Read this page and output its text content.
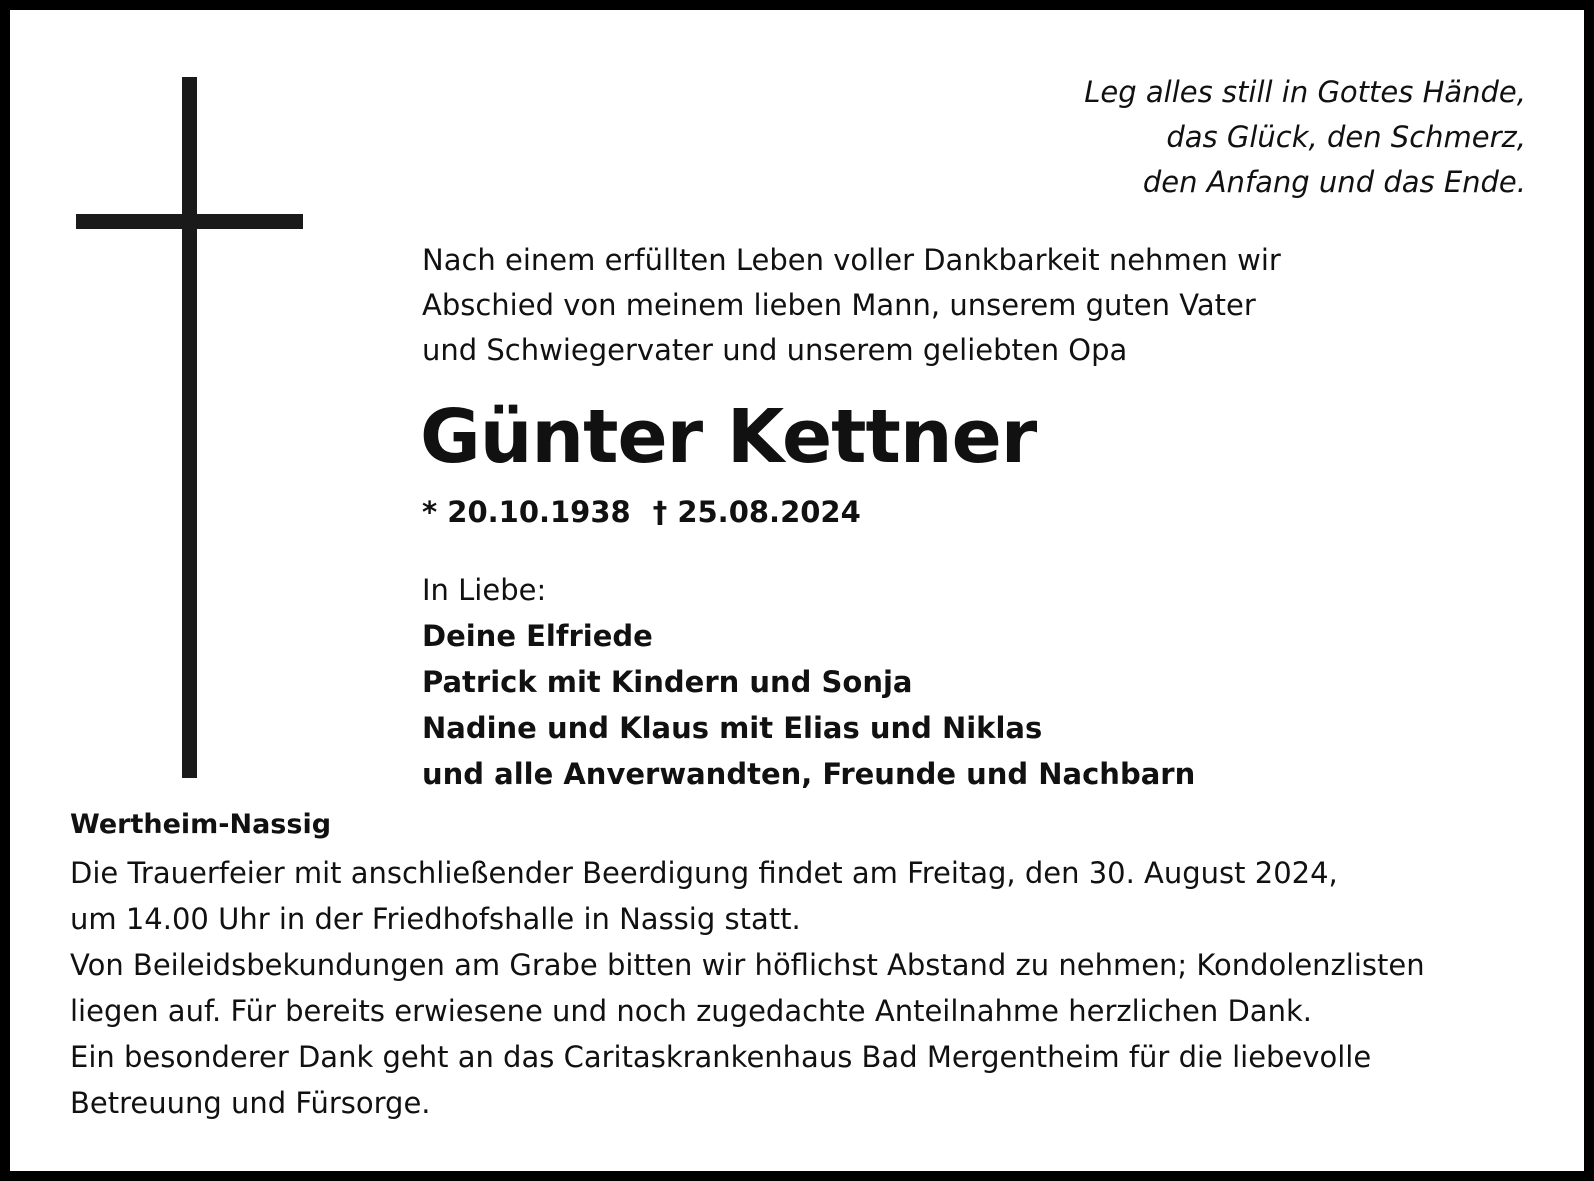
Leg alles still in Gottes Hände,
das Glück, den Schmerz,
den Anfang und das Ende.
Nach einem erfüllten Leben voller Dankbarkeit nehmen wir
Abschied von meinem lieben Mann, unserem guten Vater
und Schwiegervater und unserem geliebten Opa
Günter Kettner
* 20.10.1938 † 25.08.2024
In Liebe:
Deine Elfriede
Patrick mit Kindern und Sonja
Nadine und Klaus mit Elias und Niklas
und alle Anverwandten, Freunde und Nachbarn
Wertheim-Nassig
Die Trauerfeier mit anschließender Beerdigung findet am Freitag, den 30. August 2024,
um 14.00 Uhr in der Friedhofshalle in Nassig statt.
Von Beileidsbekundungen am Grabe bitten wir höflichst Abstand zu nehmen; Kondolenzlisten
liegen auf. Für bereits erwiesene und noch zugedachte Anteilnahme herzlichen Dank.
Ein besonderer Dank geht an das Caritaskrankenhaus Bad Mergentheim für die liebevolle
Betreuung und Fürsorge.
